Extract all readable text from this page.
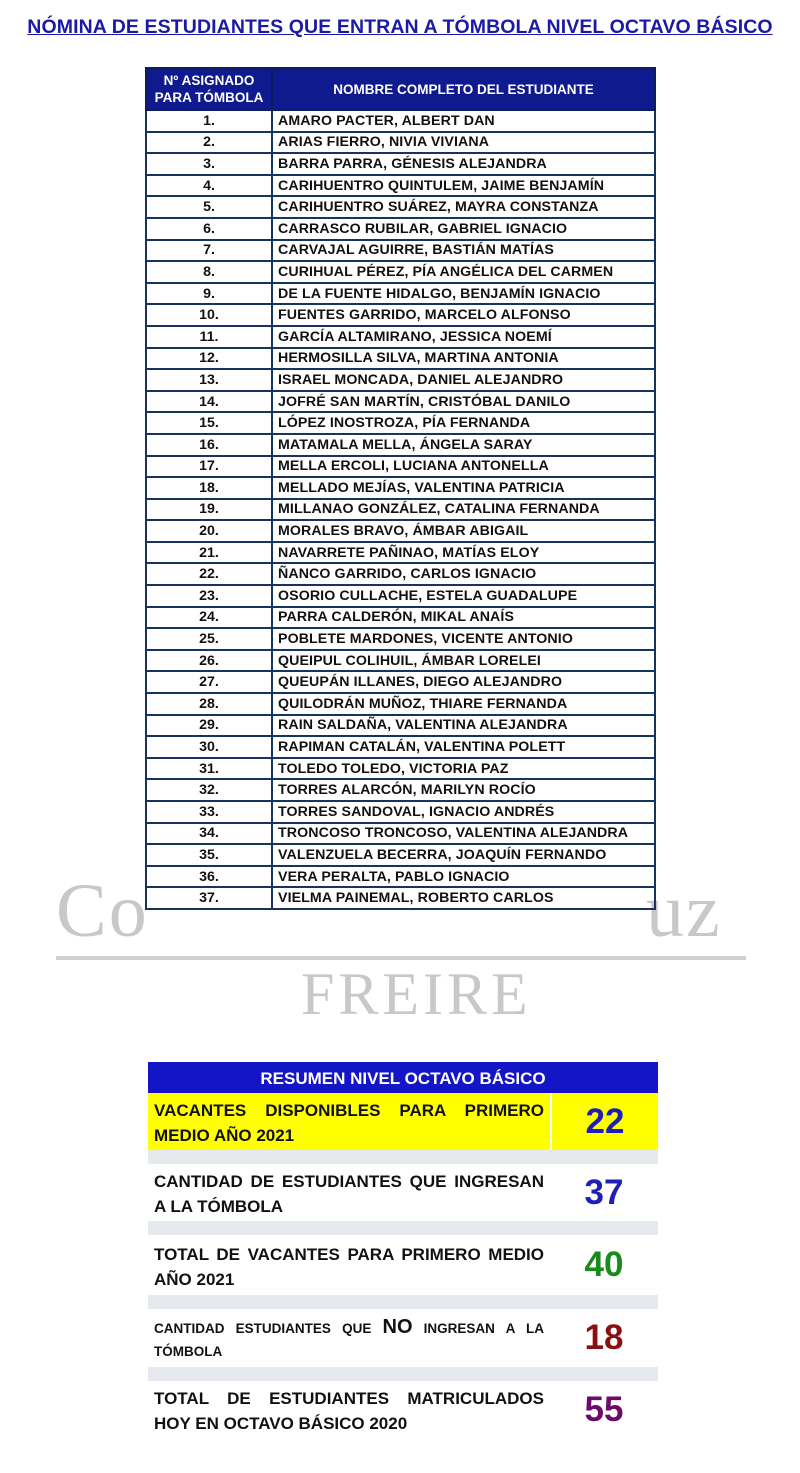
NÓMINA DE ESTUDIANTES QUE ENTRAN A TÓMBOLA NIVEL OCTAVO BÁSICO
Co	uz
FREIRE
Nº ASIGNADO PARA TÓMBOLA	NOMBRE COMPLETO DEL ESTUDIANTE
1.	AMARO PACTER, ALBERT DAN
2.	ARIAS FIERRO, NIVIA VIVIANA
3.	BARRA PARRA, GÉNESIS ALEJANDRA
4.	CARIHUENTRO QUINTULEM, JAIME BENJAMÍN
5.	CARIHUENTRO SUÁREZ, MAYRA CONSTANZA
6.	CARRASCO RUBILAR, GABRIEL IGNACIO
7.	CARVAJAL AGUIRRE, BASTIÁN MATÍAS
8.	CURIHUAL PÉREZ, PÍA ANGÉLICA DEL CARMEN
9.	DE LA FUENTE HIDALGO, BENJAMÍN IGNACIO
10.	FUENTES GARRIDO, MARCELO ALFONSO
11.	GARCÍA ALTAMIRANO, JESSICA NOEMÍ
12.	HERMOSILLA SILVA, MARTINA ANTONIA
13.	ISRAEL MONCADA, DANIEL ALEJANDRO
14.	JOFRÉ SAN MARTÍN, CRISTÓBAL DANILO
15.	LÓPEZ INOSTROZA, PÍA FERNANDA
16.	MATAMALA MELLA, ÁNGELA SARAY
17.	MELLA ERCOLI, LUCIANA ANTONELLA
18.	MELLADO MEJÍAS, VALENTINA PATRICIA
19.	MILLANAO GONZÁLEZ, CATALINA FERNANDA
20.	MORALES BRAVO, ÁMBAR ABIGAIL
21.	NAVARRETE PAÑINAO, MATÍAS ELOY
22.	ÑANCO GARRIDO, CARLOS IGNACIO
23.	OSORIO CULLACHE, ESTELA GUADALUPE
24.	PARRA CALDERÓN, MIKAL ANAÍS
25.	POBLETE MARDONES, VICENTE ANTONIO
26.	QUEIPUL COLIHUIL, ÁMBAR LORELEI
27.	QUEUPÁN ILLANES, DIEGO ALEJANDRO
28.	QUILODRÁN MUÑOZ, THIARE FERNANDA
29.	RAIN SALDAÑA, VALENTINA ALEJANDRA
30.	RAPIMAN CATALÁN, VALENTINA POLETT
31.	TOLEDO TOLEDO, VICTORIA PAZ
32.	TORRES ALARCÓN, MARILYN ROCÍO
33.	TORRES SANDOVAL, IGNACIO ANDRÉS
34.	TRONCOSO TRONCOSO, VALENTINA ALEJANDRA
35.	VALENZUELA BECERRA, JOAQUÍN FERNANDO
36.	VERA PERALTA, PABLO IGNACIO
37.	VIELMA PAINEMAL, ROBERTO CARLOS
RESUMEN NIVEL OCTAVO BÁSICO
VACANTES DISPONIBLES PARA PRIMERO MEDIO AÑO 2021	22
CANTIDAD DE ESTUDIANTES QUE INGRESAN A LA TÓMBOLA	37
TOTAL DE VACANTES PARA PRIMERO MEDIO AÑO 2021	40
CANTIDAD ESTUDIANTES QUE NO INGRESAN A LA TÓMBOLA	18
TOTAL DE ESTUDIANTES MATRICULADOS HOY EN OCTAVO BÁSICO 2020	55
